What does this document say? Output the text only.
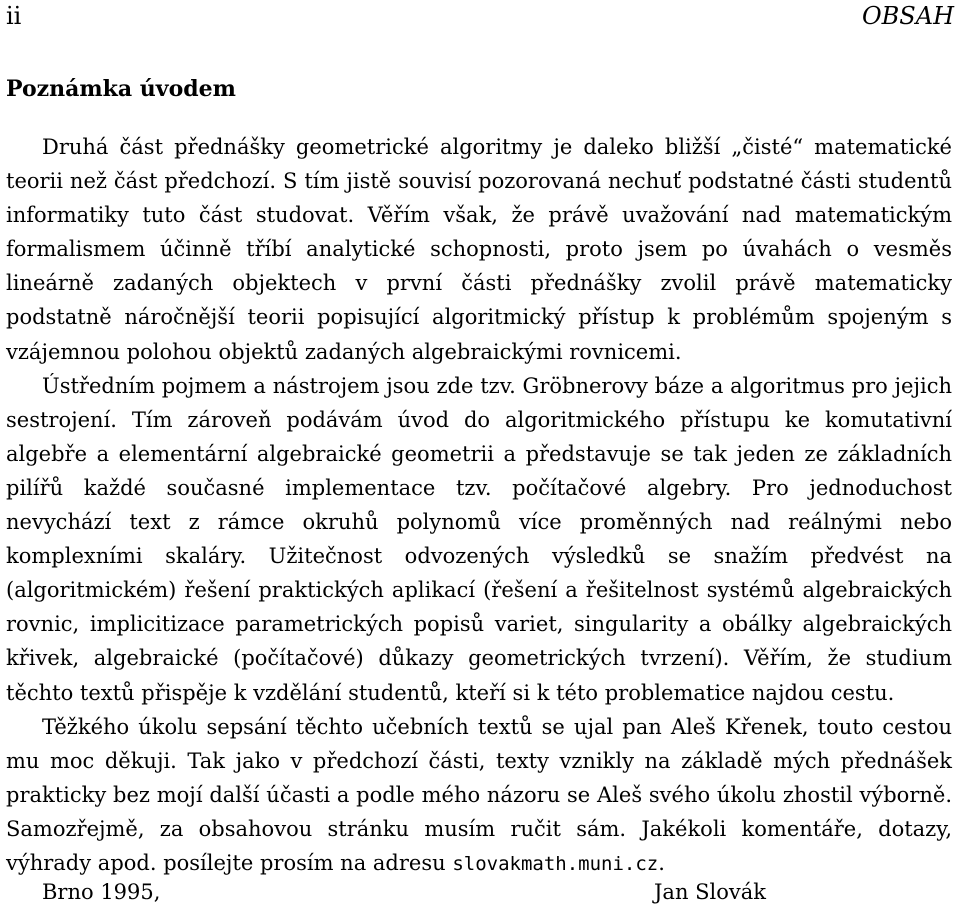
ii	OBSAH
Poznámka úvodem

Druhá část přednášky geometrické algoritmy je daleko bližší „čisté“ matematické teorii než část předchozí. S tím jistě souvisí pozorovaná nechuť podstatné části studentů informatiky tuto část studovat. Věřím však, že právě uvažování nad matematickým formalismem účinně tříbí analytické schopnosti, proto jsem po úvahách o vesměs lineárně zadaných objektech v první části přednášky zvolil právě matematicky podstatně náročnější teorii popisující algoritmický přístup k problémům spojeným s vzájemnou polohou objektů zadaných algebraickými rovnicemi.

Ústředním pojmem a nástrojem jsou zde tzv. Gröbnerovy báze a algoritmus pro jejich sestrojení. Tím zároveň podávám úvod do algoritmického přístupu ke komutativní algebře a elementární algebraické geometrii a představuje se tak jeden ze základních pilířů každé současné implementace tzv. počítačové algebry. Pro jednoduchost nevychází text z rámce okruhů polynomů více proměnných nad reálnými nebo komplexními skaláry. Užitečnost odvozených výsledků se snažím předvést na (algoritmickém) řešení praktických aplikací (řešení a řešitelnost systémů algebraických rovnic, implicitizace parametrických popisů variet, singularity a obálky algebraických křivek, algebraické (počítačové) důkazy geometrických tvrzení). Věřím, že studium těchto textů přispěje k vzdělání studentů, kteří si k této problematice najdou cestu.

Těžkého úkolu sepsání těchto učebních textů se ujal pan Aleš Křenek, touto cestou mu moc děkuji. Tak jako v předchozí části, texty vznikly na základě mých přednášek prakticky bez mojí další účasti a podle mého názoru se Aleš svého úkolu zhostil výborně. Samozřejmě, za obsahovou stránku musím ručit sám. Jakékoli komentáře, dotazy, výhrady apod. posílejte prosím na adresu slovakmath.muni.cz.

Brno 1995,	Jan Slovák
